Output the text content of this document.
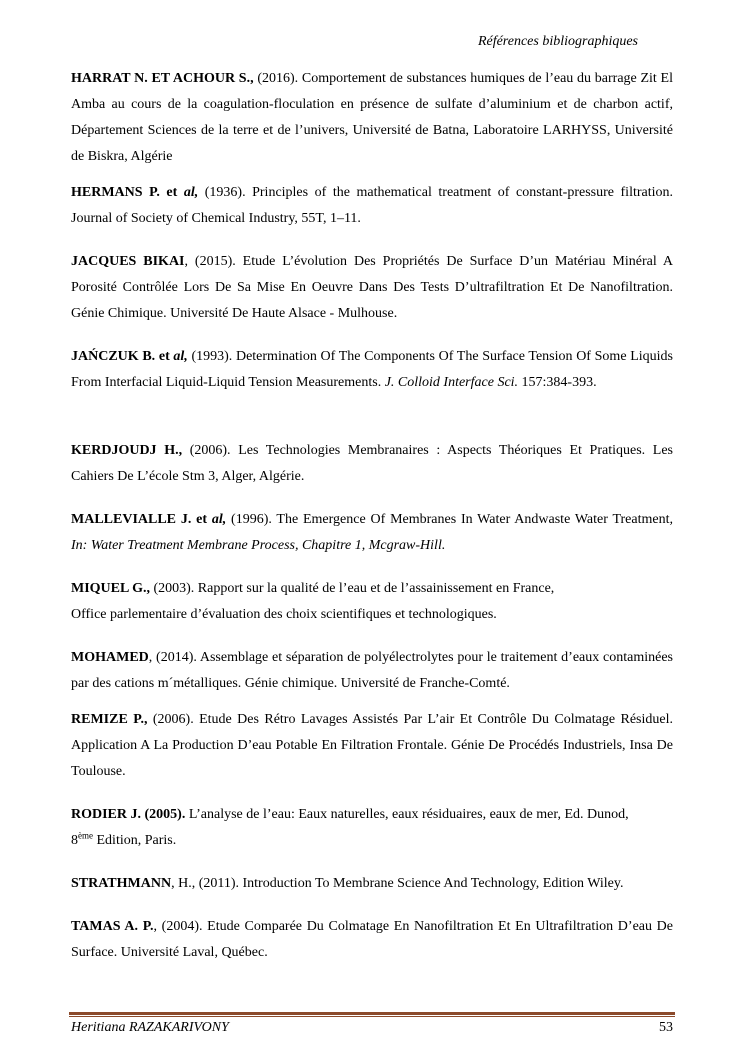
Références bibliographiques

HARRAT N. ET ACHOUR S., (2016). Comportement de substances humiques de l’eau du barrage Zit El Amba au cours de la coagulation-floculation en présence de sulfate d’aluminium et de charbon actif, Département Sciences de la terre et de l’univers, Université de Batna, Laboratoire LARHYSS, Université de Biskra, Algérie

HERMANS P. et al, (1936). Principles of the mathematical treatment of constant-pressure filtration. Journal of Society of Chemical Industry, 55T, 1–11.

JACQUES BIKAI, (2015). Etude L’évolution Des Propriétés De Surface D’un Matériau Minéral A Porosité Contrôlée Lors De Sa Mise En Oeuvre Dans Des Tests D’ultrafiltration Et De Nanofiltration. Génie Chimique. Université De Haute Alsace - Mulhouse.

JAŃCZUK B. et al, (1993). Determination Of The Components Of The Surface Tension Of Some Liquids From Interfacial Liquid-Liquid Tension Measurements. J. Colloid Interface Sci. 157:384-393.

KERDJOUDJ H., (2006). Les Technologies Membranaires : Aspects Théoriques Et Pratiques. Les Cahiers De L’école Stm 3, Alger, Algérie.

MALLEVIALLE J. et al, (1996). The Emergence Of Membranes In Water Andwaste Water Treatment, In: Water Treatment Membrane Process, Chapitre 1, Mcgraw-Hill.

MIQUEL G., (2003). Rapport sur la qualité de l’eau et de l’assainissement en France,
Office parlementaire d’évaluation des choix scientifiques et technologiques.

MOHAMED, (2014). Assemblage et séparation de polyélectrolytes pour le traitement d’eaux contaminées par des cations m´métalliques. Génie chimique. Université de Franche-Comté.

REMIZE P., (2006). Etude Des Rétro Lavages Assistés Par L’air Et Contrôle Du Colmatage Résiduel. Application A La Production D’eau Potable En Filtration Frontale. Génie De Procédés Industriels, Insa De Toulouse.

RODIER J. (2005). L’analyse de l’eau: Eaux naturelles, eaux résiduaires, eaux de mer, Ed. Dunod,
8ème Edition, Paris.

STRATHMANN, H., (2011). Introduction To Membrane Science And Technology, Edition Wiley.

TAMAS A. P., (2004). Etude Comparée Du Colmatage En Nanofiltration Et En Ultrafiltration D’eau De Surface. Université Laval, Québec.

Heritiana RAZAKARIVONY	53
